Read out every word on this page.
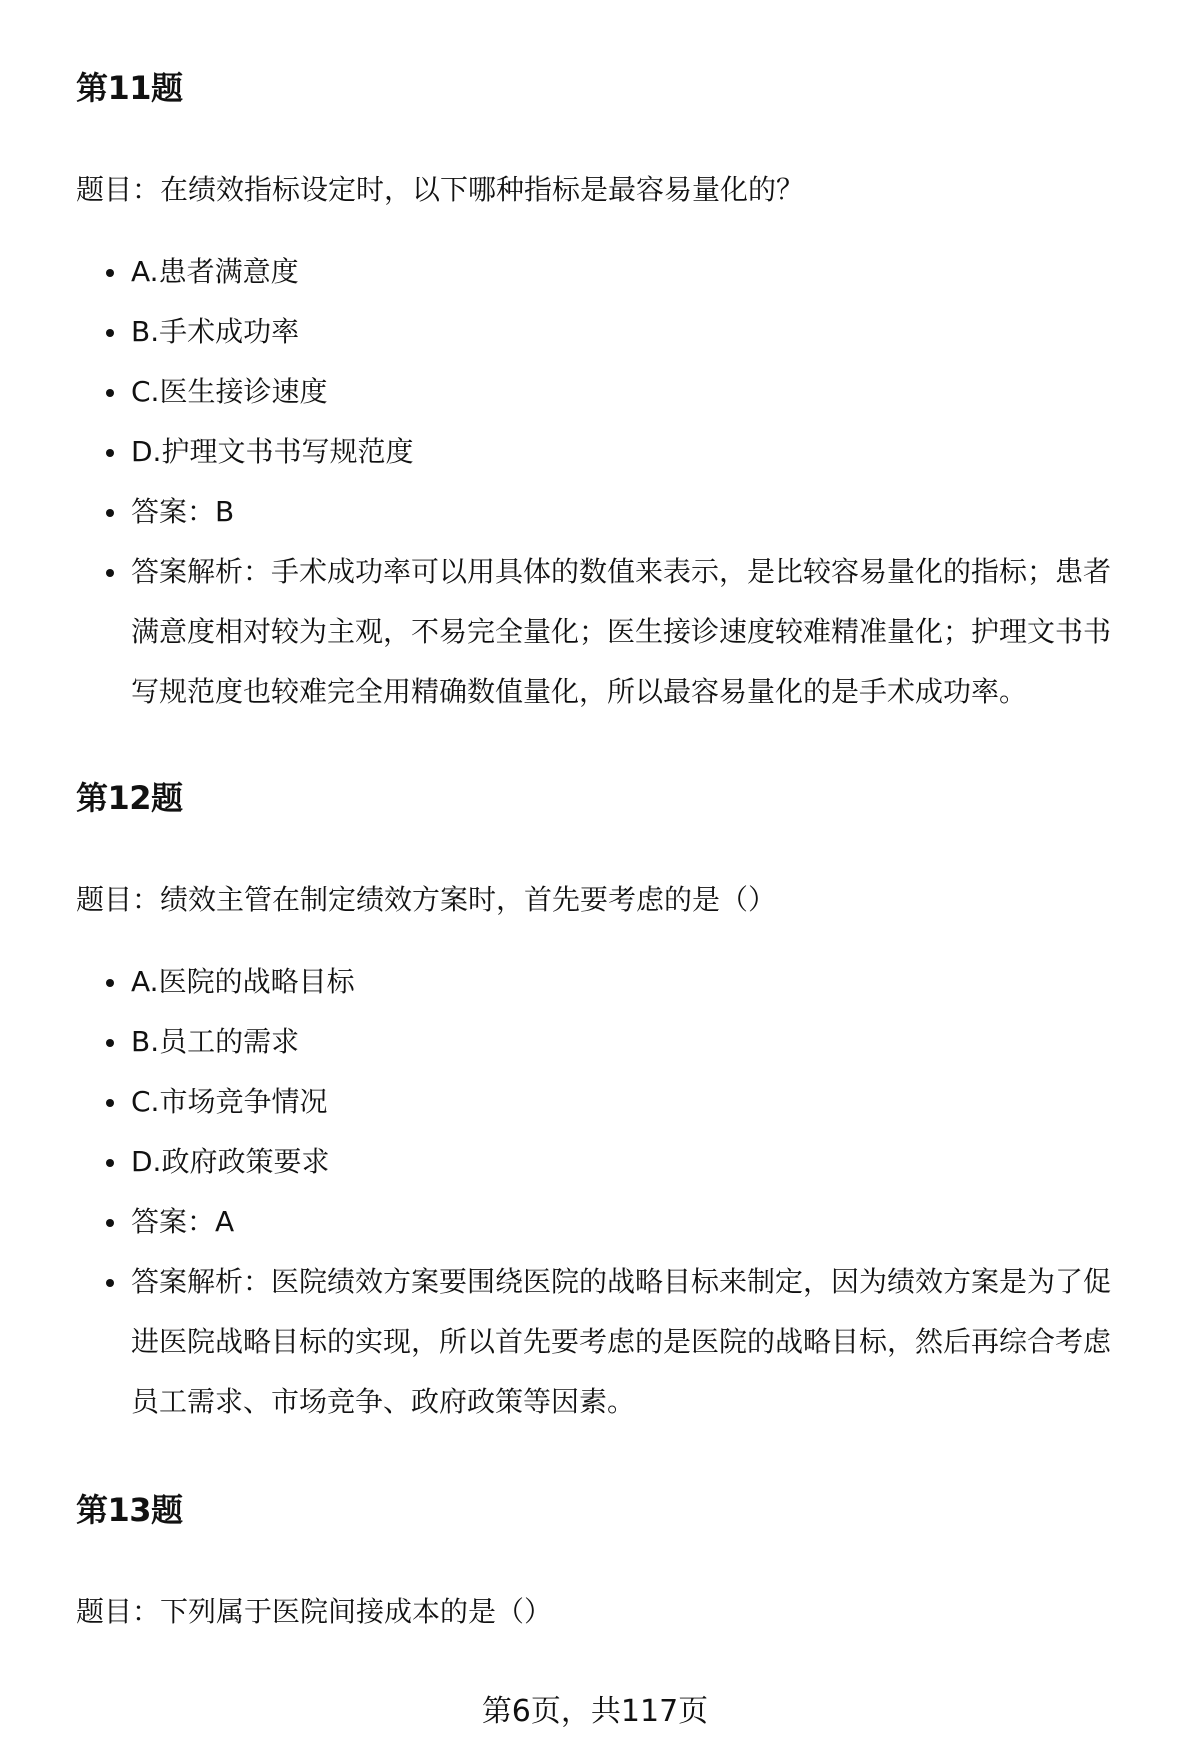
第11题

题目：在绩效指标设定时，以下哪种指标是最容易量化的？

A.患者满意度
B.手术成功率
C.医生接诊速度
D.护理文书书写规范度
答案：B
答案解析：手术成功率可以用具体的数值来表示，是比较容易量化的指标；患者满意度相对较为主观，不易完全量化；医生接诊速度较难精准量化；护理文书书写规范度也较难完全用精确数值量化，所以最容易量化的是手术成功率。
第12题

题目：绩效主管在制定绩效方案时，首先要考虑的是（）

A.医院的战略目标
B.员工的需求
C.市场竞争情况
D.政府政策要求
答案：A
答案解析：医院绩效方案要围绕医院的战略目标来制定，因为绩效方案是为了促进医院战略目标的实现，所以首先要考虑的是医院的战略目标，然后再综合考虑员工需求、市场竞争、政府政策等因素。
第13题

题目：下列属于医院间接成本的是（）

第6页，共117页
